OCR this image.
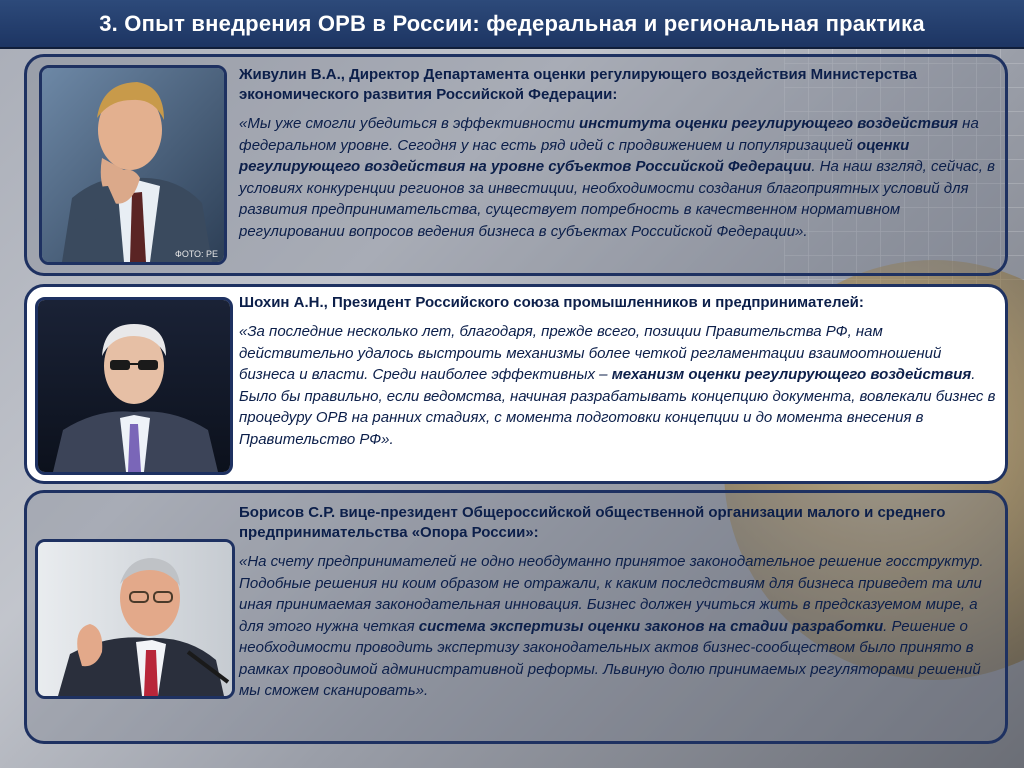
3. Опыт внедрения ОРВ в России: федеральная и региональная практика
ФОТО: РЕ

Живулин В.А., Директор Департамента оценки регулирующего воздействия Министерства экономического развития Российской Федерации:

«Мы уже смогли убедиться в эффективности института оценки регулирующего воздействия на федеральном уровне. Сегодня у нас есть ряд идей с продвижением и популяризацией оценки регулирующего воздействия на уровне субъектов Российской Федерации. На наш взгляд, сейчас, в условиях конкуренции регионов за инвестиции, необходимости создания благоприятных условий для развития предпринимательства, существует потребность в качественном нормативном регулировании вопросов ведения бизнеса в субъектах Российской Федерации».

Шохин А.Н., Президент Российского союза промышленников и предпринимателей:

«За последние несколько лет, благодаря, прежде всего, позиции Правительства РФ, нам действительно удалось выстроить механизмы более четкой регламентации взаимоотношений бизнеса и власти. Среди наиболее эффективных – механизм оценки регулирующего воздействия. Было бы правильно, если ведомства, начиная разрабатывать концепцию документа, вовлекали бизнес в процедуру ОРВ на ранних стадиях, с момента подготовки концепции и до момента внесения в Правительство РФ».

Борисов С.Р. вице-президент Общероссийской общественной организации малого и среднего предпринимательства «Опора России»:

«На счету предпринимателей не одно необдуманно принятое законодательное решение госструктур. Подобные решения ни коим образом не отражали, к каким последствиям для бизнеса приведет та или иная принимаемая законодательная инновация. Бизнес должен учиться жить в предсказуемом мире, а для этого нужна четкая система экспертизы оценки законов на стадии разработки. Решение о необходимости проводить экспертизу законодательных актов бизнес-сообществом было принято в рамках проводимой административной реформы. Львиную долю принимаемых регуляторами решений мы сможем сканировать».
